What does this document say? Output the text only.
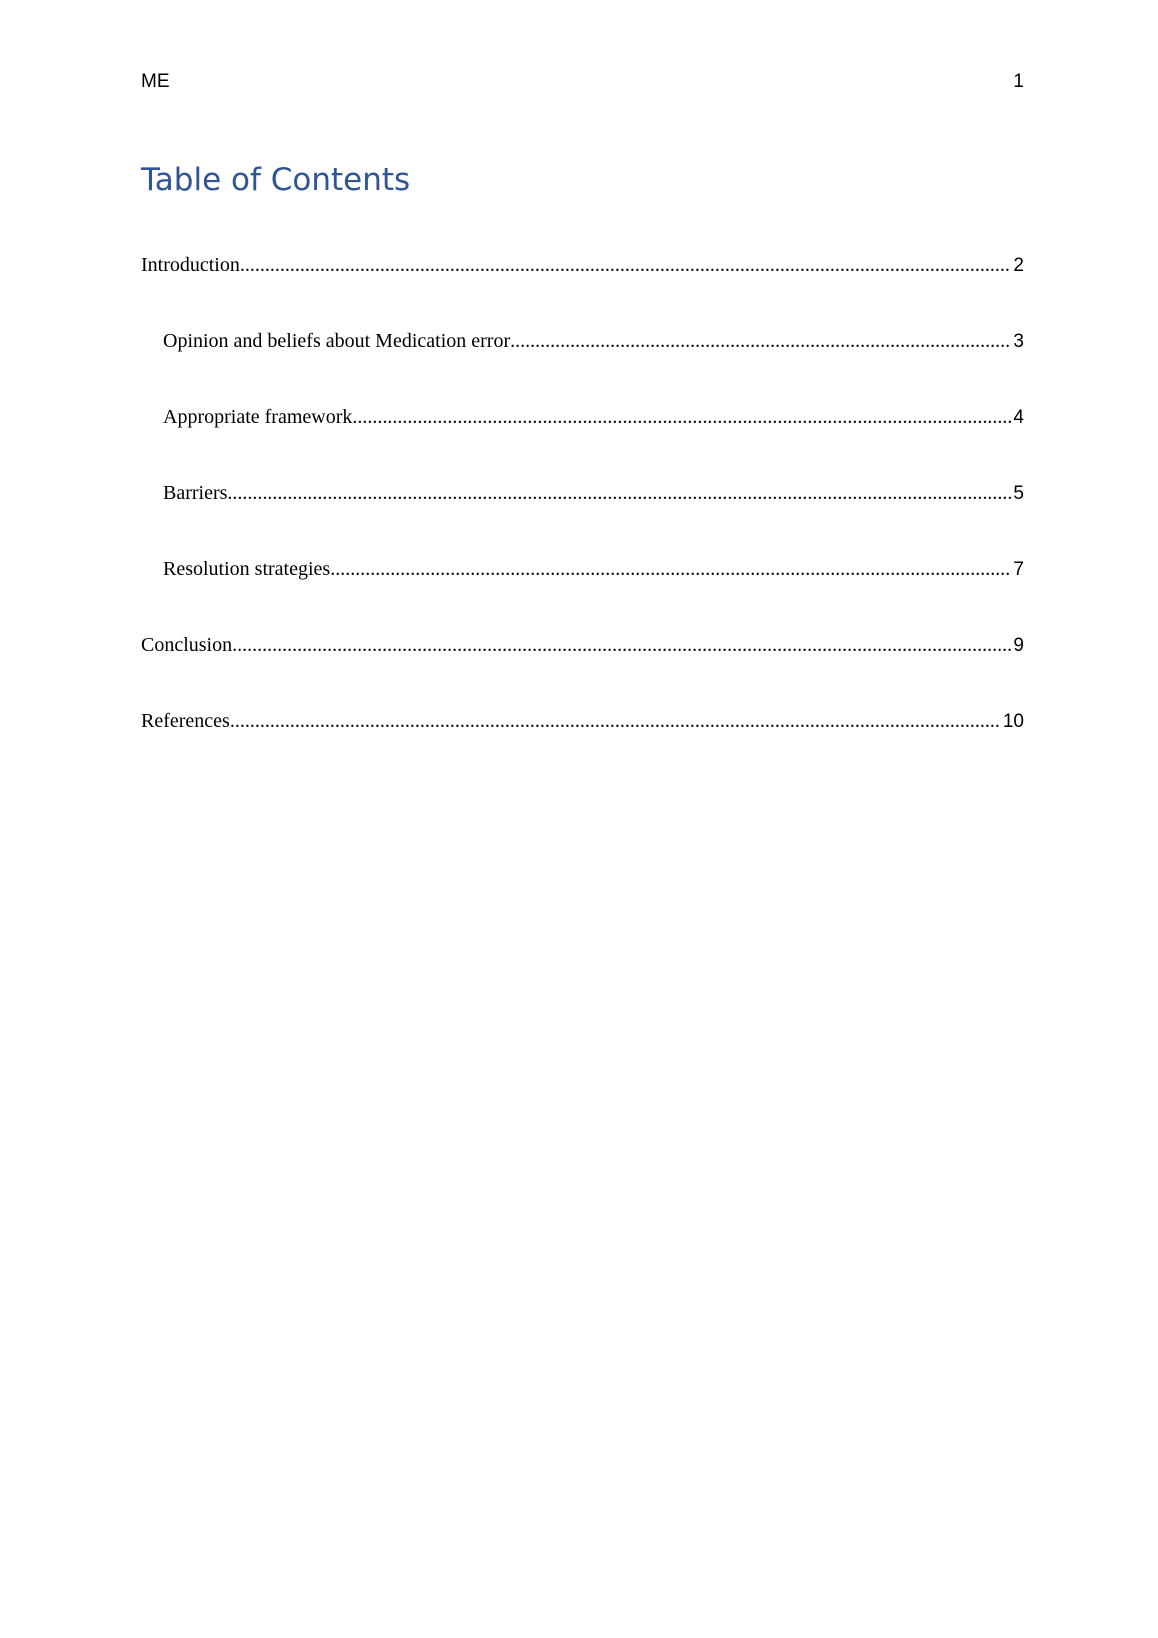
ME	1
Table of Contents
Introduction .....	2
Opinion and beliefs about Medication error .....	3
Appropriate framework .....	4
Barriers .....	5
Resolution strategies .....	7
Conclusion .....	9
References .....	10
